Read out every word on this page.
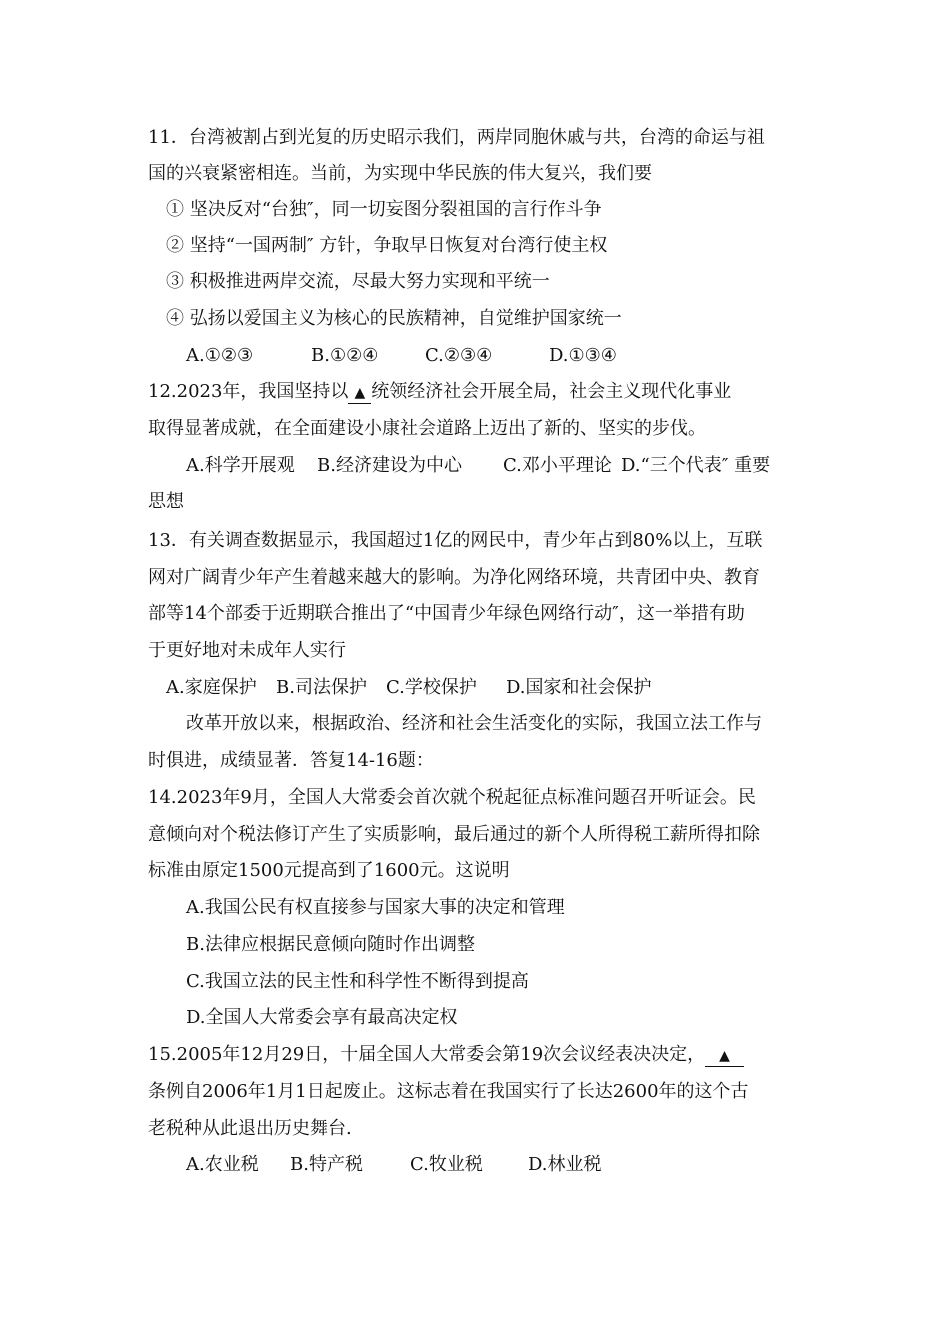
11．台湾被割占到光复的历史昭示我们，两岸同胞休戚与共，台湾的命运与祖
国的兴衰紧密相连。当前，为实现中华民族的伟大复兴，我们要
① 坚决反对“台独″，同一切妄图分裂祖国的言行作斗争
② 坚持“一国两制″ 方针，争取早日恢复对台湾行使主权
③ 积极推进两岸交流，尽最大努力实现和平统一
④ 弘扬以爱国主义为核心的民族精神，自觉维护国家统一
A.①②③	B.①②④	C.②③④	D.①③④
12.2023年，我国坚持以 ▲ 统领经济社会开展全局，社会主义现代化事业
取得显著成就，在全面建设小康社会道路上迈出了新的、坚实的步伐。
A.科学开展观 B.经济建设为中心 C.邓小平理论 D.“三个代表″ 重要
思想
13．有关调查数据显示，我国超过1亿的网民中，青少年占到80%以上，互联
网对广阔青少年产生着越来越大的影响。为净化网络环境，共青团中央、教育
部等14个部委于近期联合推出了“中国青少年绿色网络行动″，这一举措有助
于更好地对未成年人实行
A.家庭保护 B.司法保护 C.学校保护 D.国家和社会保护
改革开放以来，根据政治、经济和社会生活变化的实际，我国立法工作与
时俱进，成绩显著．答复14-16题：
14.2023年9月，全国人大常委会首次就个税起征点标准问题召开听证会。民
意倾向对个税法修订产生了实质影响，最后通过的新个人所得税工薪所得扣除
标准由原定1500元提高到了1600元。这说明
A.我国公民有权直接参与国家大事的决定和管理
B.法律应根据民意倾向随时作出调整
C.我国立法的民主性和科学性不断得到提高
D.全国人大常委会享有最高决定权
15.2005年12月29日，十届全国人大常委会第19次会议经表决决定， ▲
条例自2006年1月1日起废止。这标志着在我国实行了长达2600年的这个古
老税种从此退出历史舞台.
A.农业税 B.特产税	C.牧业税	D.林业税
